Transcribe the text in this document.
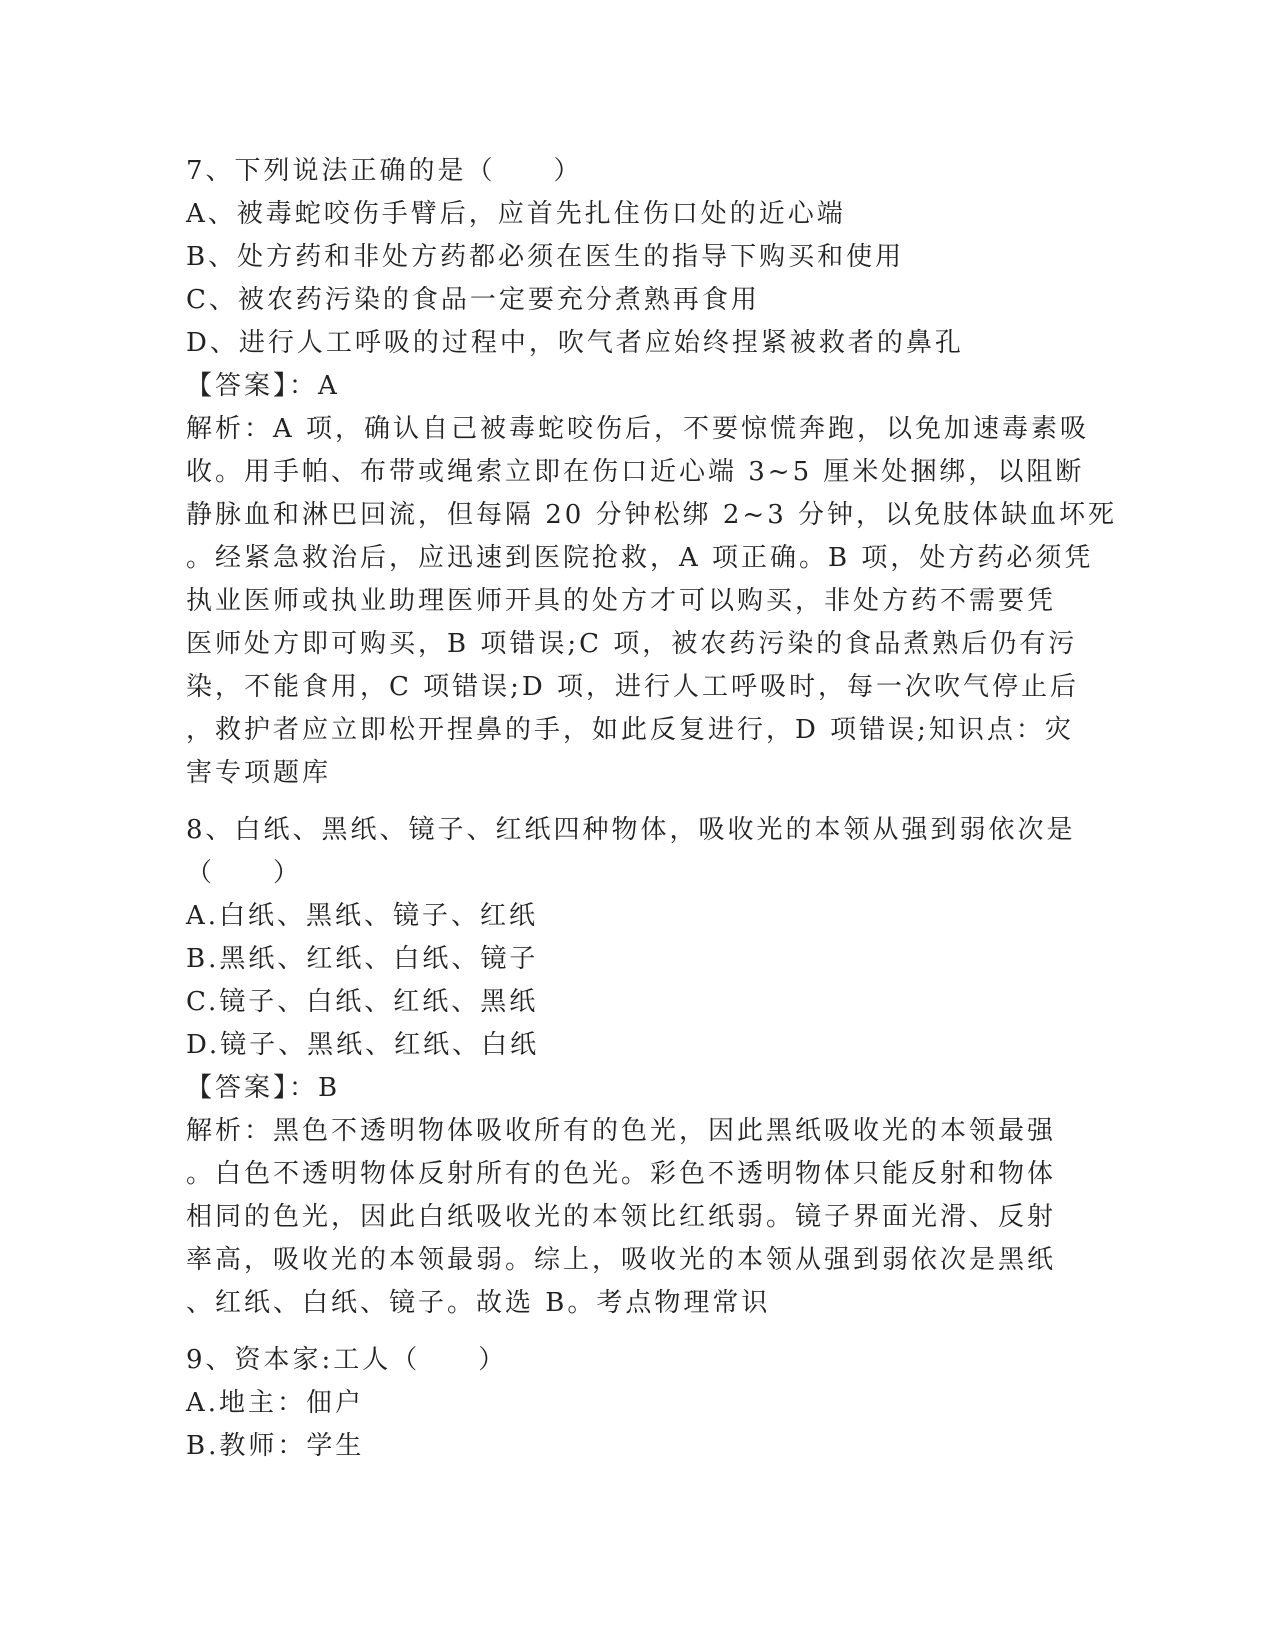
7、下列说法正确的是（　　）
A、被毒蛇咬伤手臂后，应首先扎住伤口处的近心端
B、处方药和非处方药都必须在医生的指导下购买和使用
C、被农药污染的食品一定要充分煮熟再食用
D、进行人工呼吸的过程中，吹气者应始终捏紧被救者的鼻孔
【答案】：A
解析：A 项，确认自己被毒蛇咬伤后，不要惊慌奔跑，以免加速毒素吸
收。用手帕、布带或绳索立即在伤口近心端 3~5 厘米处捆绑，以阻断
静脉血和淋巴回流，但每隔 20 分钟松绑 2~3 分钟，以免肢体缺血坏死
。经紧急救治后，应迅速到医院抢救，A 项正确。B 项，处方药必须凭
执业医师或执业助理医师开具的处方才可以购买，非处方药不需要凭
医师处方即可购买，B 项错误;C 项，被农药污染的食品煮熟后仍有污
染，不能食用，C 项错误;D 项，进行人工呼吸时，每一次吹气停止后
，救护者应立即松开捏鼻的手，如此反复进行，D 项错误;知识点：灾
害专项题库
8、白纸、黑纸、镜子、红纸四种物体，吸收光的本领从强到弱依次是
（　　）
A.白纸、黑纸、镜子、红纸
B.黑纸、红纸、白纸、镜子
C.镜子、白纸、红纸、黑纸
D.镜子、黑纸、红纸、白纸
【答案】：B
解析：黑色不透明物体吸收所有的色光，因此黑纸吸收光的本领最强
。白色不透明物体反射所有的色光。彩色不透明物体只能反射和物体
相同的色光，因此白纸吸收光的本领比红纸弱。镜子界面光滑、反射
率高，吸收光的本领最弱。综上，吸收光的本领从强到弱依次是黑纸
、红纸、白纸、镜子。故选 B。考点物理常识
9、资本家:工人（　　）
A.地主：佃户
B.教师：学生
